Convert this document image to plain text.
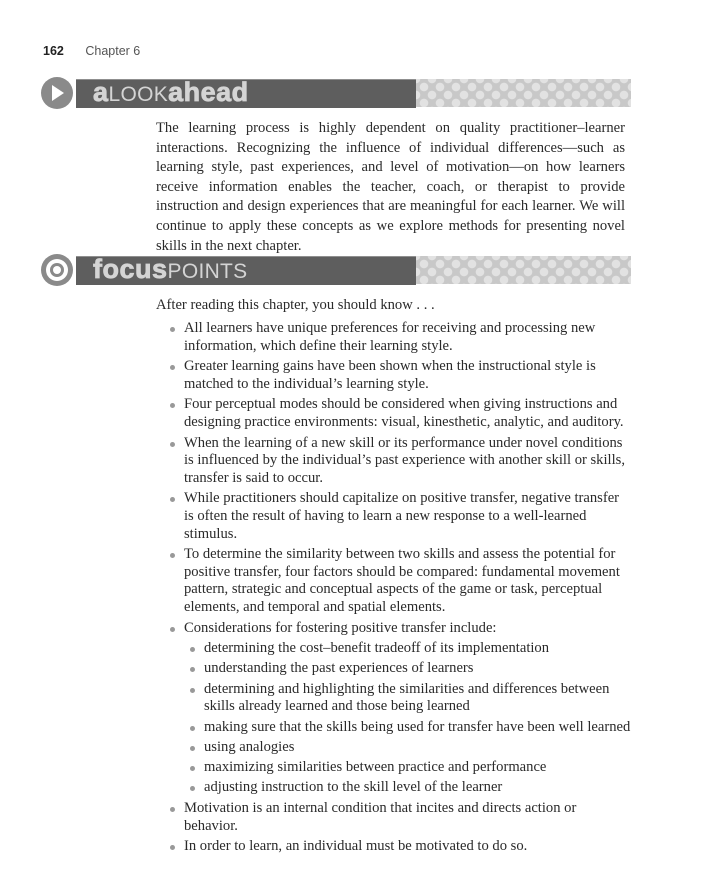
162 Chapter 6
aLOOKahead

The learning process is highly dependent on quality practitioner–learner interactions. Recognizing the influence of individual differences—such as learning style, past experiences, and level of motivation—on how learners receive information enables the teacher, coach, or therapist to provide instruction and design experiences that are meaningful for each learner. We will continue to apply these concepts as we explore methods for presenting novel skills in the next chapter.

focusPOINTS

After reading this chapter, you should know . . .

All learners have unique preferences for receiving and processing new information, which define their learning style.
Greater learning gains have been shown when the instructional style is matched to the individual’s learning style.
Four perceptual modes should be considered when giving instructions and designing practice environments: visual, kinesthetic, analytic, and auditory.
When the learning of a new skill or its performance under novel conditions is influenced by the individual’s past experience with another skill or skills, transfer is said to occur.
While practitioners should capitalize on positive transfer, negative transfer is often the result of having to learn a new response to a well-learned stimulus.
To determine the similarity between two skills and assess the potential for positive transfer, four factors should be compared: fundamental movement pattern, strategic and conceptual aspects of the game or task, perceptual elements, and temporal and spatial elements.
Considerations for fostering positive transfer include:
determining the cost–benefit tradeoff of its implementation
understanding the past experiences of learners
determining and highlighting the similarities and differences between skills already learned and those being learned
making sure that the skills being used for transfer have been well learned
using analogies
maximizing similarities between practice and performance
adjusting instruction to the skill level of the learner
Motivation is an internal condition that incites and directs action or behavior.
In order to learn, an individual must be motivated to do so.
